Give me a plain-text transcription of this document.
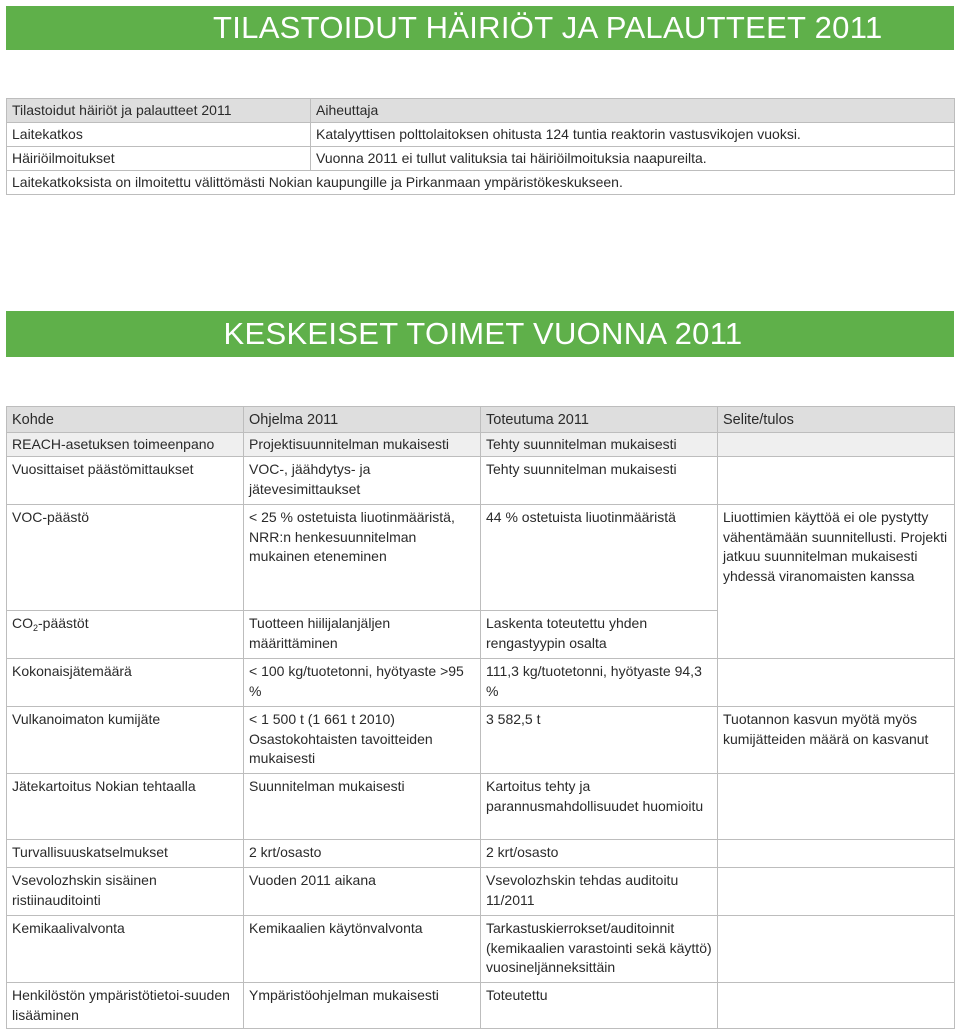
TILASTOIDUT HÄIRIÖT JA PALAUTTEET 2011
Tilastoidut häiriöt ja palautteet 2011	Aiheuttaja
Laitekatkos	Katalyyttisen polttolaitoksen ohitusta 124 tuntia reaktorin vastusvikojen vuoksi.
Häiriöilmoitukset	Vuonna 2011 ei tullut valituksia tai häiriöilmoituksia naapureilta.
Laitekatkoksista on ilmoitettu välittömästi Nokian kaupungille ja Pirkanmaan ympäristökeskukseen.	
KESKEISET TOIMET VUONNA 2011
Kohde	Ohjelma 2011	Toteutuma 2011	Selite/tulos
REACH-asetuksen toimeenpano	Projektisuunnitelman mukaisesti	Tehty suunnitelman mukaisesti	
Vuosittaiset päästömittaukset	VOC-, jäähdytys- ja jätevesimittaukset	Tehty suunnitelman mukaisesti	
VOC-päästö	< 25 % ostetuista liuotinmääristä, NRR:n henkesuunnitelman mukainen eteneminen	44 % ostetuista liuotinmääristä	Liuottimien käyttöä ei ole pystytty vähentämään suunnitellusti. Projekti jatkuu suunnitelman mukaisesti yhdessä viranomaisten kanssa
$CO_2$-päästöt	Tuotteen hiilijalanjäljen määrittäminen	Laskenta toteutettu yhden rengastyypin osalta	
Kokonaisjätemäärä	< 100 kg/tuotetonni, hyötyaste >95 %	111,3 kg/tuotetonni, hyötyaste 94,3 %	
Vulkanoimaton kumijäte	< 1 500 t (1 661 t 2010) Osastokohtaisten tavoitteiden mukaisesti	3 582,5 t	Tuotannon kasvun myötä myös kumijätteiden määrä on kasvanut
Jätekartoitus Nokian tehtaalla	Suunnitelman mukaisesti	Kartoitus tehty ja parannusmahdollisuudet huomioitu	
Turvallisuuskatselmukset	2 krt/osasto	2 krt/osasto	
Vsevolozhskin sisäinen ristiinauditointi	Vuoden 2011 aikana	Vsevolozhskin tehdas auditoitu 11/2011	
Kemikaalivalvonta	Kemikaalien käytönvalvonta	Tarkastuskierrokset/auditoinnit (kemikaalien varastointi sekä käyttö) vuosineljänneksittäin	
Henkilöstön ympäristötietoi-suuden lisääminen	Ympäristöohjelman mukaisesti	Toteutettu	
